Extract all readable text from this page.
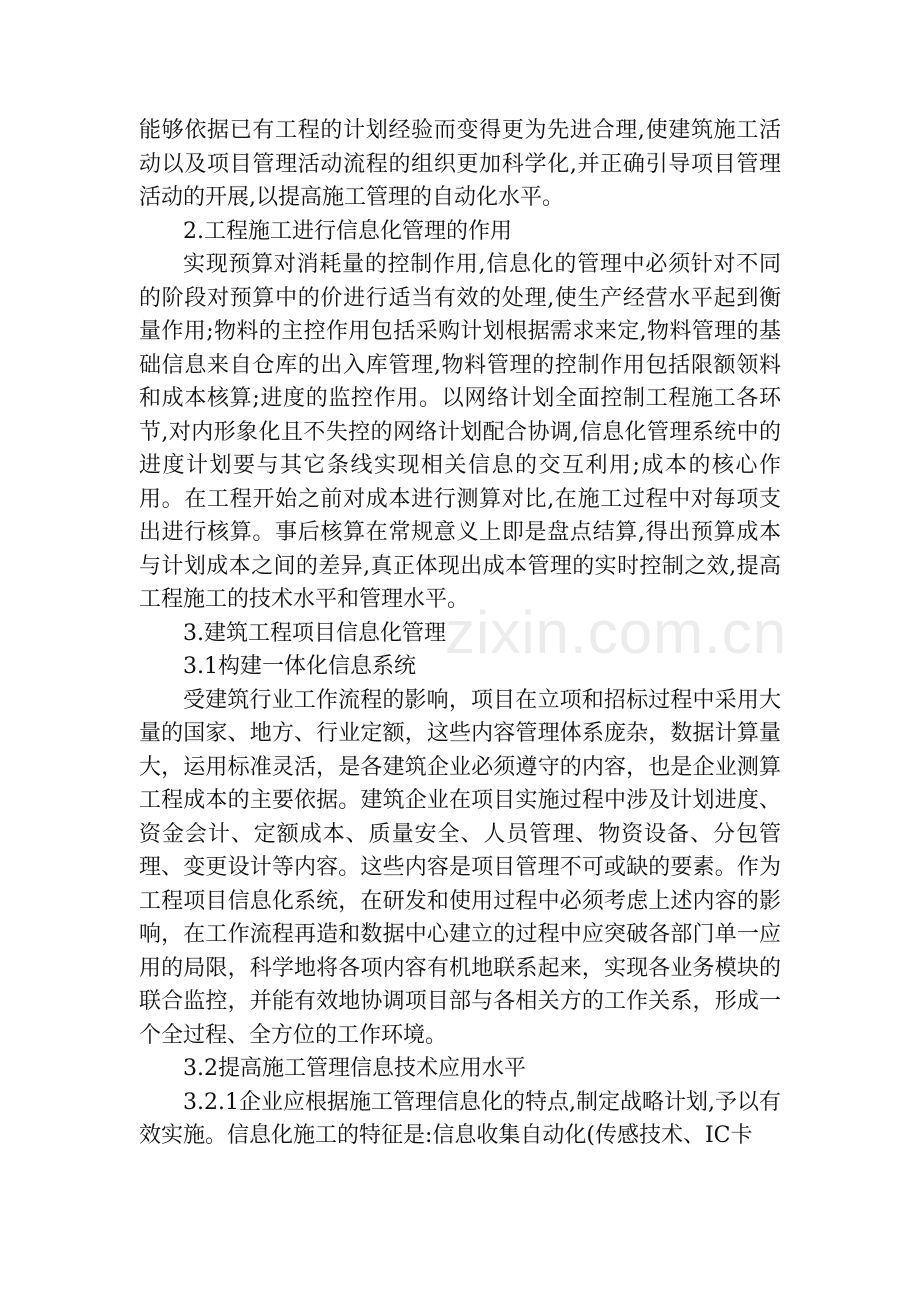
能够依据已有工程的计划经验而变得更为先进合理,使建筑施工活动以及项目管理活动流程的组织更加科学化,并正确引导项目管理活动的开展,以提高施工管理的自动化水平。

2.工程施工进行信息化管理的作用

实现预算对消耗量的控制作用,信息化的管理中必须针对不同的阶段对预算中的价进行适当有效的处理,使生产经营水平起到衡量作用;物料的主控作用包括采购计划根据需求来定,物料管理的基础信息来自仓库的出入库管理,物料管理的控制作用包括限额领料和成本核算;进度的监控作用。以网络计划全面控制工程施工各环节,对内形象化且不失控的网络计划配合协调,信息化管理系统中的进度计划要与其它条线实现相关信息的交互利用;成本的核心作用。在工程开始之前对成本进行测算对比,在施工过程中对每项支出进行核算。事后核算在常规意义上即是盘点结算,得出预算成本与计划成本之间的差异,真正体现出成本管理的实时控制之效,提高工程施工的技术水平和管理水平。

3.建筑工程项目信息化管理

3.1构建一体化信息系统

受建筑行业工作流程的影响，项目在立项和招标过程中采用大量的国家、地方、行业定额，这些内容管理体系庞杂，数据计算量大，运用标准灵活，是各建筑企业必须遵守的内容，也是企业测算工程成本的主要依据。建筑企业在项目实施过程中涉及计划进度、资金会计、定额成本、质量安全、人员管理、物资设备、分包管理、变更设计等内容。这些内容是项目管理不可或缺的要素。作为工程项目信息化系统，在研发和使用过程中必须考虑上述内容的影响，在工作流程再造和数据中心建立的过程中应突破各部门单一应用的局限，科学地将各项内容有机地联系起来，实现各业务模块的联合监控，并能有效地协调项目部与各相关方的工作关系，形成一个全过程、全方位的工作环境。

3.2提高施工管理信息技术应用水平

3.2.1企业应根据施工管理信息化的特点,制定战略计划,予以有效实施。信息化施工的特征是:信息收集自动化(传感技术、IC卡

zixin.com.cn
